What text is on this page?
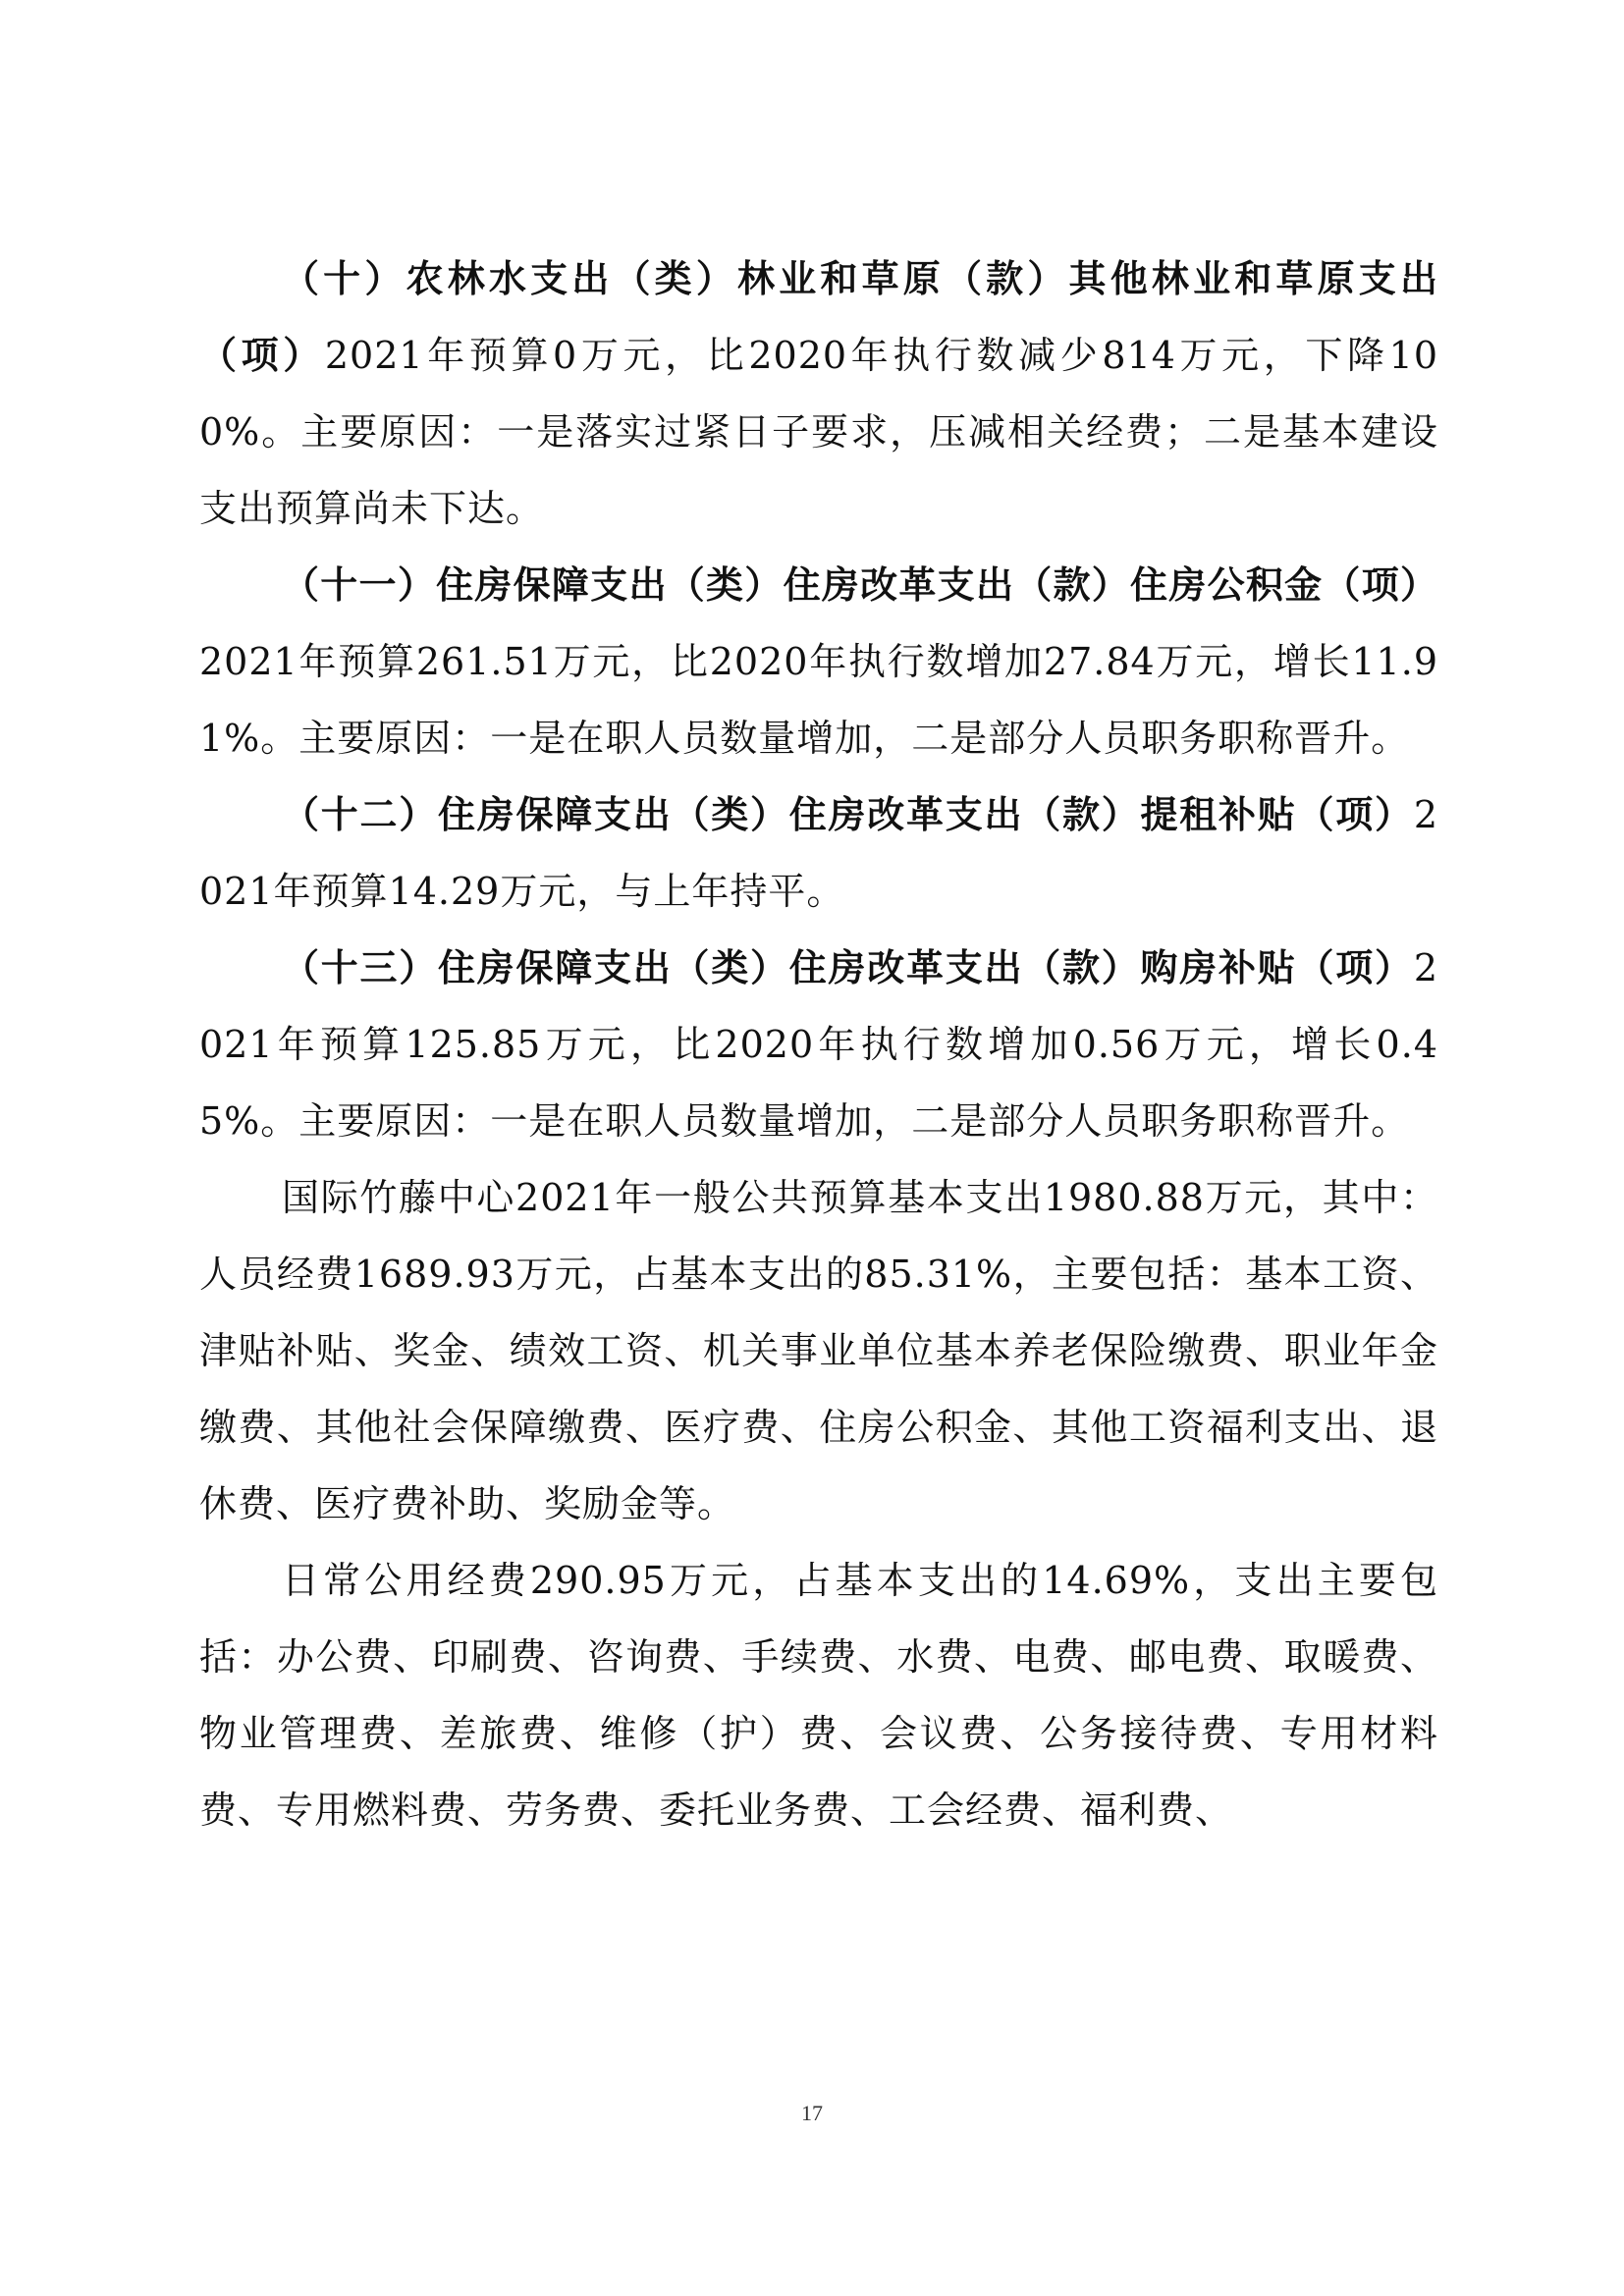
（十）农林水支出（类）林业和草原（款）其他林业和草原支出（项）2021年预算0万元，比2020年执行数减少814万元，下降100%。主要原因：一是落实过紧日子要求，压减相关经费；二是基本建设支出预算尚未下达。

（十一）住房保障支出（类）住房改革支出（款）住房公积金（项）2021年预算261.51万元，比2020年执行数增加27.84万元，增长11.91%。主要原因：一是在职人员数量增加，二是部分人员职务职称晋升。

（十二）住房保障支出（类）住房改革支出（款）提租补贴（项）2021年预算14.29万元，与上年持平。

（十三）住房保障支出（类）住房改革支出（款）购房补贴（项）2021年预算125.85万元，比2020年执行数增加0.56万元，增长0.45%。主要原因：一是在职人员数量增加，二是部分人员职务职称晋升。

国际竹藤中心2021年一般公共预算基本支出1980.88万元，其中：人员经费1689.93万元，占基本支出的85.31%，主要包括：基本工资、津贴补贴、奖金、绩效工资、机关事业单位基本养老保险缴费、职业年金缴费、其他社会保障缴费、医疗费、住房公积金、其他工资福利支出、退休费、医疗费补助、奖励金等。

日常公用经费290.95万元，占基本支出的14.69%，支出主要包括：办公费、印刷费、咨询费、手续费、水费、电费、邮电费、取暖费、物业管理费、差旅费、维修（护）费、会议费、公务接待费、专用材料费、专用燃料费、劳务费、委托业务费、工会经费、福利费、

17
